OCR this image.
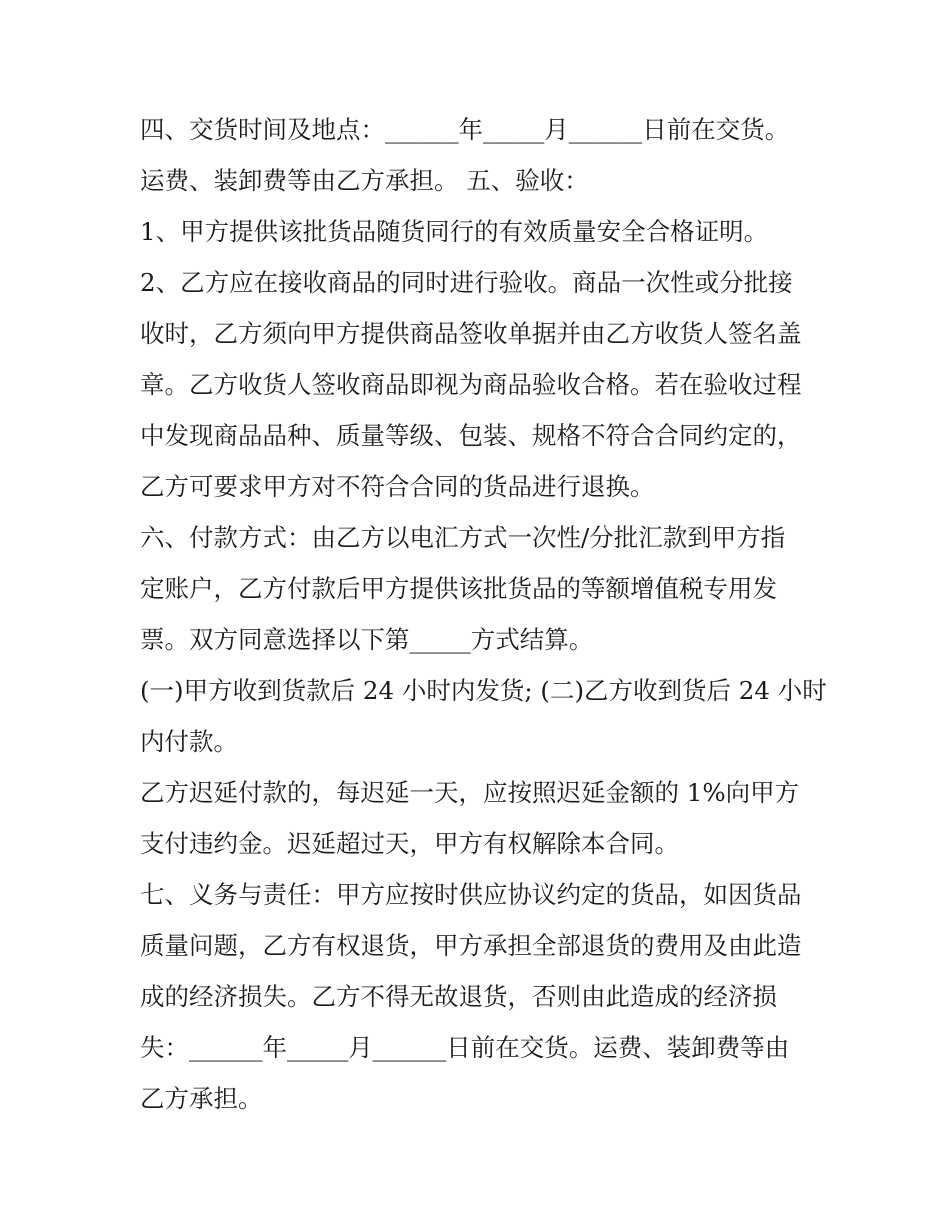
四、交货时间及地点：______年_____月______日前在交货。
运费、装卸费等由乙方承担。 五、验收：
1、甲方提供该批货品随货同行的有效质量安全合格证明。
2、乙方应在接收商品的同时进行验收。商品一次性或分批接
收时，乙方须向甲方提供商品签收单据并由乙方收货人签名盖
章。乙方收货人签收商品即视为商品验收合格。若在验收过程
中发现商品品种、质量等级、包装、规格不符合合同约定的，
乙方可要求甲方对不符合合同的货品进行退换。
六、付款方式：由乙方以电汇方式一次性/分批汇款到甲方指
定账户，乙方付款后甲方提供该批货品的等额增值税专用发
票。双方同意选择以下第_____方式结算。
(一)甲方收到货款后 24 小时内发货; (二)乙方收到货后 24 小时
内付款。
乙方迟延付款的，每迟延一天，应按照迟延金额的 1%向甲方
支付违约金。迟延超过天，甲方有权解除本合同。
七、义务与责任：甲方应按时供应协议约定的货品，如因货品
质量问题，乙方有权退货，甲方承担全部退货的费用及由此造
成的经济损失。乙方不得无故退货，否则由此造成的经济损
失：______年_____月______日前在交货。运费、装卸费等由
乙方承担。
